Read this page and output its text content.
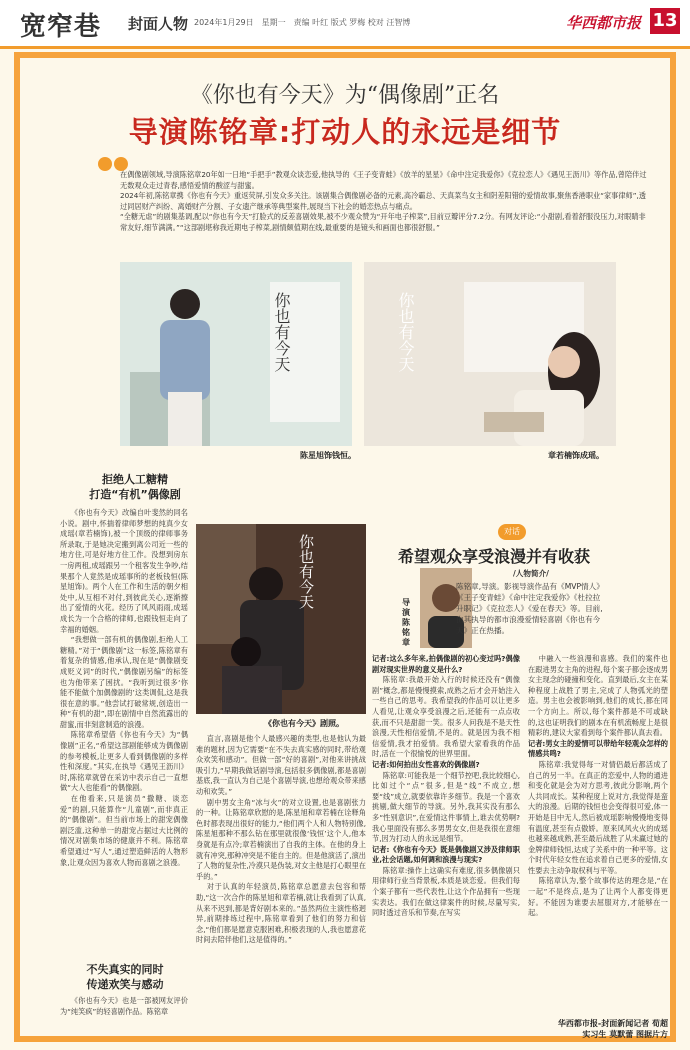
宽窄巷 封面人物 2024年1月29日　星期一　责编 叶红 版式 罗梅 校对 汪智博	华西都市报 13
《你也有今天》为“偶像剧”正名
导演陈铭章:打动人的永远是细节

在偶像剧领域,导演陈铭章20年如一日地“手把手”教观众谈恋爱,他执导的《王子变青蛙》《放羊的星星》《命中注定我爱你》《克拉恋人》《遇见王沥川》等作品,曾陪伴过无数观众走过青春,感悟爱情的酸涩与甜蜜。

2024年初,陈铭章携《你也有今天》重返荧屏,引发众多关注。该剧集合偶像剧必备的元素,高冷霸总、天真菜鸟女主和阴差阳错的爱情故事,聚焦香港职业“家事律师”,透过同居财产纠纷、离婚财产分割、子女遗产继承等典型案件,展现当下社会的婚恋热点与痛点。

“全糖无虐”的剧集基调,配以“你也有今天”打脸式的反差喜剧效果,被不少观众赞为“开年电子榨菜”,目前豆瓣评分7.2分。有网友评论:“小甜剧,看着舒服没压力,对眼睛非常友好,细节满满。”“这部剧堪称我近期电子榨菜,剧情颇值期在线,最重要的是镜头和画面也都很舒服。”

你也有今天
陈星旭饰钱恒。
你也有今天
章若楠饰成瑶。
拒绝人工糖精
打造“有机”偶像剧

《你也有今天》改编自叶斐然的同名小说。剧中,怀揣着律师梦想的纯真少女成瑶(章若楠饰),被一个顶级的律师事务所录取,于是她决定搬到离公司近一些的地方住,可是好地方住工作。没想到房东一房两租,成瑶跟另一个租客发生争吵,结果那个人竟然是成瑶事所的老板钱恒(陈星旭饰)。两个人在工作和生活的朝夕相处中,从互相不对付,到彼此关心,逐渐擦出了爱情的火花。经历了风风雨雨,成瑶成长为一个合格的律师,也跟钱恒走向了幸福的婚姻。

“我想做一部有机的偶像剧,拒绝人工糖精。”对于“偶像剧”这一标签,陈铭章有着复杂的情感,他承认,现在是“偶像剧变成贬义词”的时代,“偶像剧另编”的标签也为他带来了困扰。“我听到过很多‘你能不能做个加偶像剧的’这类调侃,这是我很在意的事。”他尝试打破常规,创造出一种“有机的甜”,即在剧情中自然流露出的甜蜜,而非刻意制造的浪漫。

陈铭章希望借《你也有今天》为“偶像剧”正名,“希望这部剧能够成为偶像剧的参考模板,让更多人看到偶像剧的多样性和深度。”其实,在执导《遇见王沥川》时,陈铭章就曾在采访中表示自己一直想做“大人也能看”的偶像剧。

在他看来,只是演员“撒糖、谈恋爱”的剧,只能算作“儿童剧”,而非真正的“偶像剧”。但当前市场上的甜宠偶像剧泛滥,这种单一的甜宠占据过大比例的情况对剧集市场的健康并不利。陈铭章希望通过“写人”,通过塑造鲜活的人物形象,让观众因为喜欢人物而喜剧之浪漫。

不失真实的同时
传递欢笑与感动

《你也有今天》也是一部被网友评价为“纯笑疯”的轻喜剧作品。陈铭章

你也有今天
《你也有今天》剧照。

直言,喜剧是他个人最感兴趣的类型,也是他认为最难的题材,因为它需要“在不失去真实感的同时,带给观众欢笑和感动”。但做一部“好的喜剧”,对他来讲挑战吸引力,“早期我做话剧导演,包括很多偶像剧,都是喜剧基底,我一直认为自己是个喜剧导演,也想给观众带来感动和欢笑。”

剧中男女主角“冰与火”的对立设置,也是喜剧张力的一种。让陈铭章欣慰的是,陈星旭和章若楠在诠释角色时都表现出很好的能力,“他们两个人和人物特别像,陈星旭那种不那么钻在那里就很像‘钱恒’这个人,他本身就是有点冷;章若楠演出了自我的主体。在他的身上就有冲突,那种冲突是不能自主的。但是他演活了,演出了人物的复杂性,冷漠只是伪装,对女主他是打心眼里在乎的。”

对于认真的年轻演员,陈铭章总愿意去包容和帮助,“这一次合作的陈星旭和章若楠,就让我看到了认真,从来不迟到,都是背好剧本来的。”虽然两位主演性格迥异,前期排练过程中,陈铭章看到了他们的努力和信念,“他们都是愿意克服困难,积极表现的人,我也愿意花时间去陪伴他们,这是值得的。”

对话
希望观众享受浪漫并有收获
导演陈铭章
/人物简介/
陈铭章,导演。影视导演作品有《MVP情人》《王子变青蛙》《命中注定我爱你》《杜拉拉升职记》《克拉恋人》《爱在春天》等。目前,由其执导的都市浪漫爱情轻喜剧《你也有今天》正在热播。

记者:这么多年来,拍偶像剧的初心变过吗?偶像剧对现实世界的意义是什么?

陈铭章:我最开始入行的时候还没有“偶像剧”概念,都是慢慢摸索,成熟之后才会开始注入一些自己的思考。我希望我的作品可以让更多人看见,让观众享受浪漫之后,还能有一点点收获,而不只是甜甜一笑。很多人问我是不是天性浪漫,天性相信爱情,不是的。就是因为我不相信爱情,我才拍爱情。我希望大家看我的作品时,活在一个很愉悦的世界里面。

记者:如何拍出女性喜欢的偶像剧?

陈铭章:可能我是一个细节控吧,我比较细心,比如过个“点”很多,但是“线”不成立,想要“线”成立,就要依靠许多细节。我是一个喜欢挑剔,做大细节的导演。另外,我其实没有那么多“性别意识”,在爱情这件事情上,谁去优势啊?我心里面没有那么多男男女女,但是我很在意细节,因为打动人的永远是细节。

记者:《你也有今天》既是偶像剧又涉及律师职业,社会话题,如何调和浪漫与现实?

陈铭章:操作上这确实有难度,很多偶像剧只用律师行业当背景板,本质是谈恋爱。但我们每个案子都有一些代表性,让这个作品拥有一些现实表达。我们在做这律案件的时候,尽量写实,同时透过音乐和节奏,在写实

中融入一些浪漫和喜感。我们的案件也在跟进男女主角的进程,每个案子都会逐成男女主现念的碰撞和变化。直到最后,女主在某种程度上战胜了男主,完成了人物弧光的塑造。男主也会被影响到,他们的成长,都在同一个方向上。所以,每个案件都是不可或缺的,这也证明我们的剧本在有机流畅度上是很精彩的,建议大家看到每个案件都认真去看。

记者:男女主的爱情可以带给年轻观众怎样的情感共鸣?

陈铭章:我觉得每一对情侣最后都活成了自己的另一半。在真正的恋爱中,人物的通进和变化就是会为对方思考,彼此分影响,两个人共同成长。某种程度上说对方,我觉得是蛮大的浪漫。后期的钱恒也会变得很可爱,体一开始是目中无人,然后被成瑶影响慢慢地变得有温度,甚至有点傲娇。原来风风火火的成瑶也越来越成熟,甚至最后战胜了从未赢过她的金牌律师钱恒,达成了关系中的一种平等。这个时代年轻女性在追求着自己更多的爱情,女性要去主动争取权利与平等。

陈铭章认为,整个故事传达的理念是,“在一起”不是终点,是为了让两个人都变得更好。不能因为谁要去屈服对方,才能够在一起。

华西都市报-封面新闻记者 荀超
实习生 莫默蕾 图据片方
